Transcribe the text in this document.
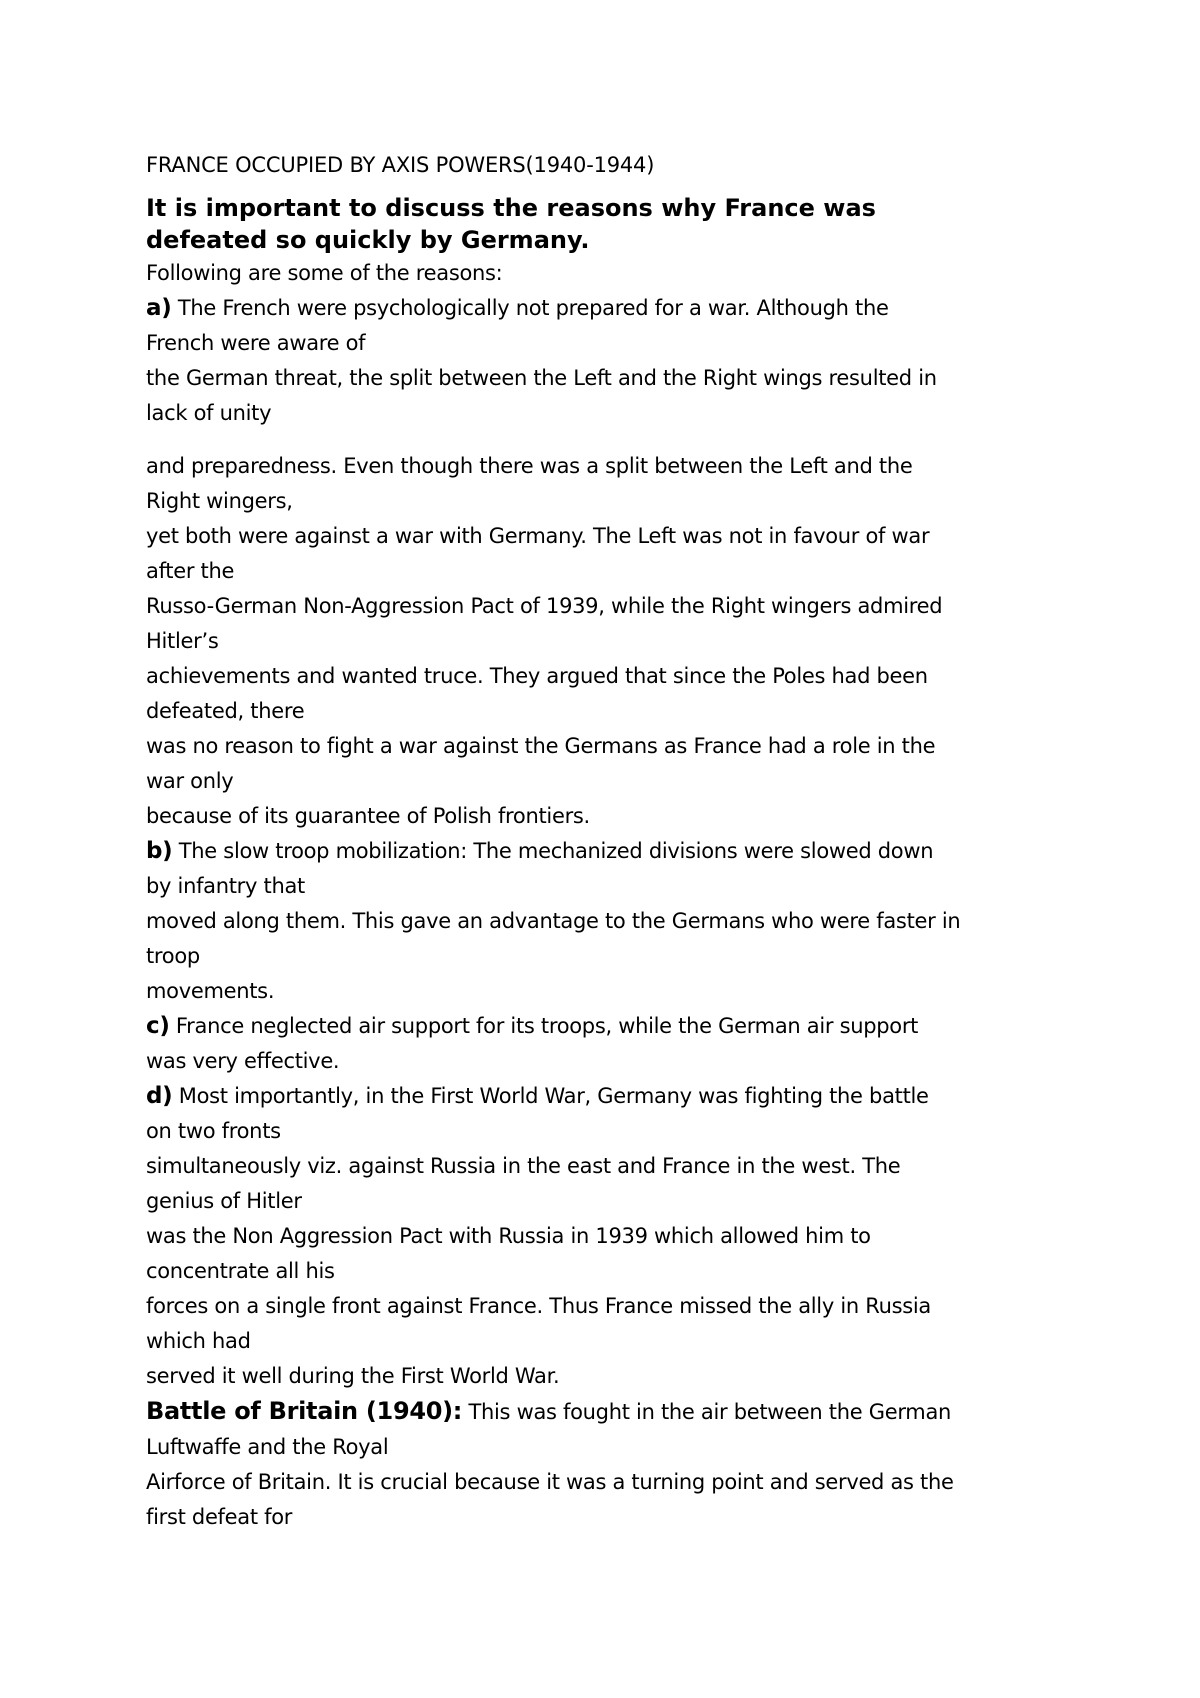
FRANCE OCCUPIED BY AXIS POWERS(1940-1944)

It is important to discuss the reasons why France was

defeated so quickly by Germany.

Following are some of the reasons:

a) The French were psychologically not prepared for a war. Although the

French were aware of

the German threat, the split between the Left and the Right wings resulted in

lack of unity

and preparedness. Even though there was a split between the Left and the

Right wingers,

yet both were against a war with Germany. The Left was not in favour of war

after the

Russo-German Non-Aggression Pact of 1939, while the Right wingers admired

Hitler’s

achievements and wanted truce. They argued that since the Poles had been

defeated, there

was no reason to fight a war against the Germans as France had a role in the

war only

because of its guarantee of Polish frontiers.

b) The slow troop mobilization: The mechanized divisions were slowed down

by infantry that

moved along them. This gave an advantage to the Germans who were faster in

troop

movements.

c) France neglected air support for its troops, while the German air support

was very effective.

d) Most importantly, in the First World War, Germany was fighting the battle

on two fronts

simultaneously viz. against Russia in the east and France in the west. The

genius of Hitler

was the Non Aggression Pact with Russia in 1939 which allowed him to

concentrate all his

forces on a single front against France. Thus France missed the ally in Russia

which had

served it well during the First World War.

Battle of Britain (1940): This was fought in the air between the German

Luftwaffe and the Royal

Airforce of Britain. It is crucial because it was a turning point and served as the

first defeat for
